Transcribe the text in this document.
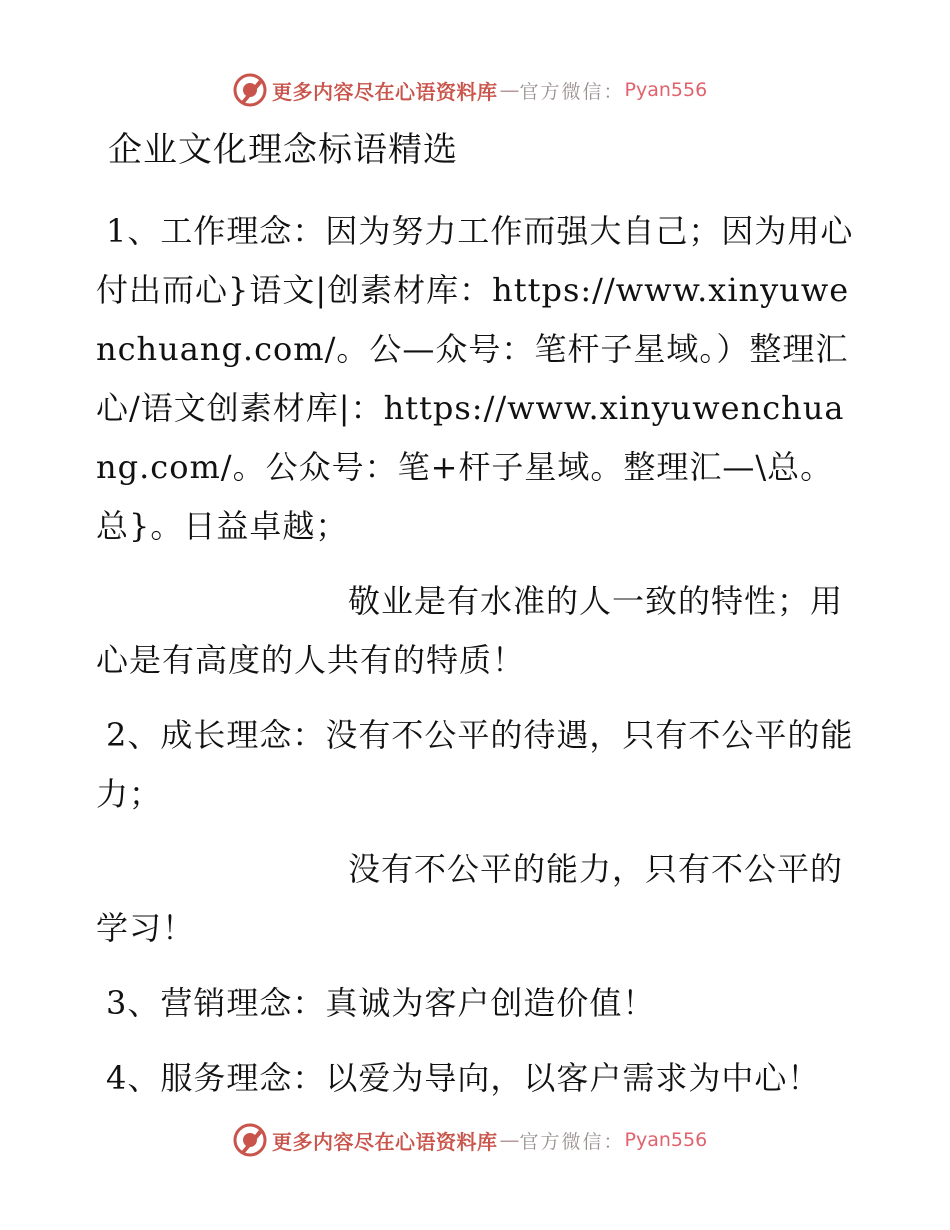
更多内容尽在心语资料库 — 官方微信： Pyan556
企业文化理念标语精选

1、工作理念：因为努力工作而强大自己；因为用心付出而心}语文|创素材库：https://www.xinyuwenchuang.com/。公—众号：笔杆子星域。）整理汇心/语文创素材库|：https://www.xinyuwenchuang.com/。公众号：笔+杆子星域。整理汇—\总。总}。日益卓越；

敬业是有水准的人一致的特性；用心是有高度的人共有的特质！

2、成长理念：没有不公平的待遇，只有不公平的能力；

没有不公平的能力，只有不公平的学习！

3、营销理念：真诚为客户创造价值！

4、服务理念：以爱为导向，以客户需求为中心！

更多内容尽在心语资料库 — 官方微信： Pyan556
